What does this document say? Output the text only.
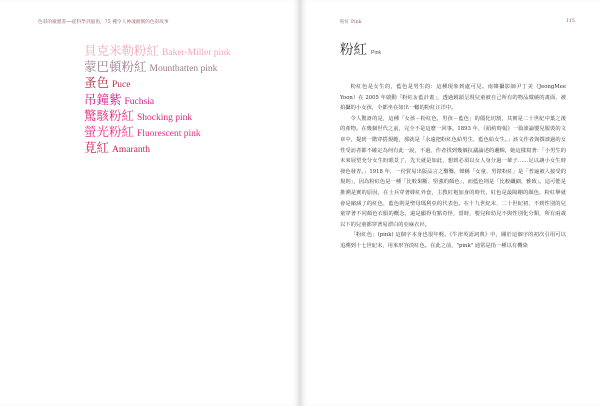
色彩的履歷書──從科學到風俗，75 種令人神魂顛倒的色彩故事
貝克米勒粉紅 Baker-Miller pink
蒙巴頓粉紅 Mountbatten pink
蚤色 Puce
吊鐘紫 Fuchsia
驚駭粉紅 Shocking pink
螢光粉紅 Fluorescent pink
莧紅 Amaranth
粉紅 Pink	115
粉紅 Pink

粉紅色是女生的，藍色是男生的：這種現象到處可見。南韓攝影師尹丁美（JeongMee Yoon）在 2005 年啟動「粉紅＆藍計畫」，透過鏡頭呈現兒童被自己所有的物品環繞的畫面，被拍攝的小女孩，全都坐在如出一轍的粉紅汪洋中。

令人驚訝的是，這種「女孩－粉紅色，男孩－藍色」的僵化切割，其實是二十世紀中葉之後的產物。在幾個世代之前，完全不是這麼一回事。1893 年，《紐約時報》一篇談論嬰兒服裝的文章中，提到一階穿搭規範，那就是「永遠把粉紅色給男生，藍色給女生。」該文作者與撰談過的女性受訪者都不確定為何有此一說，不過，作者找到幾個抗議論述的邏輯，她這樣寫著：「小男生的未來展望充分女生盼眼景了，先天就是如此，想到必須以女人身分過一輩子……足以讓小女生時發色發青。」1918 年，一份貿易出版品言之鑿鑿，聲稱「女童、男錶粉紅」是「普遍被人接受的規則」，因為粉紅色是一種「比較果斷、堅強的顏色」，而藍色則是「比較纖細、雅致」。這可能是推溯是實的原因，在士兵穿著緋紅外套，主教紅袍加身的時代，紅色是最陽剛的顏色，粉紅擧就會是縮減了的紅色，藍色則是聖母瑪利亞的代表色。在十九世紀末、二十世紀初，不到性別的兒童穿著不同顏色衣服的概念，還是顯得有點奇怪，當時，嬰兒和幼兒不與性別化分類，所有兩歲以下的兒童都穿著易漂白的亞麻衣衫。

「粉紅色」(pink) 這個字本身也很年輕。《牛津英語詞典》中，關於這個字的初次引用可以追溯到十七世紀末，用來形容淡紅色。在此之前，"pink" 通常是指一種以有機染
